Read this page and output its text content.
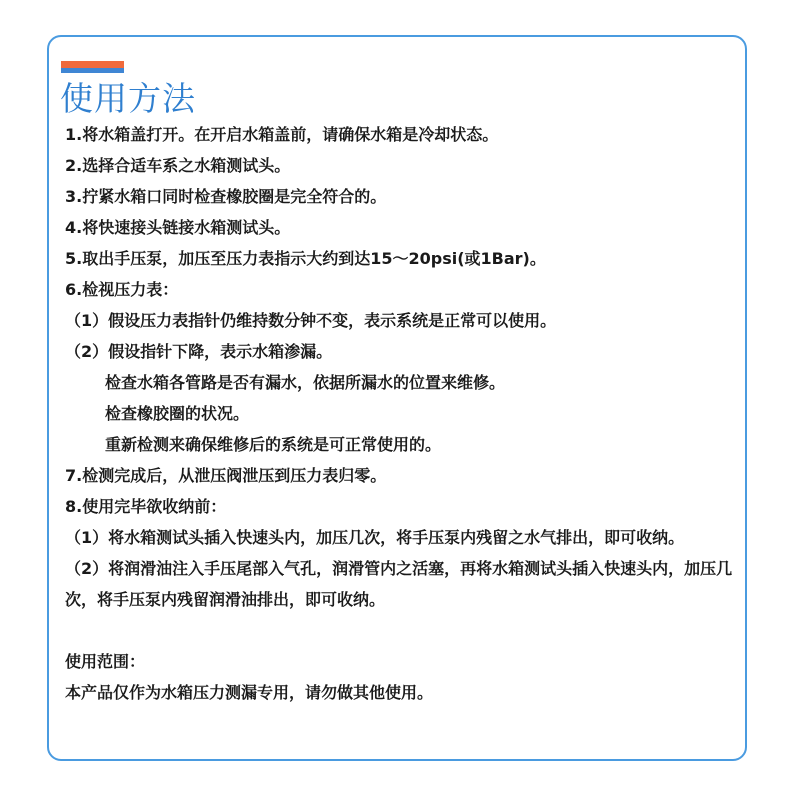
使用方法

1.将水箱盖打开。在开启水箱盖前，请确保水箱是冷却状态。

2.选择合适车系之水箱测试头。

3.拧紧水箱口同时检查橡胶圈是完全符合的。

4.将快速接头链接水箱测试头。

5.取出手压泵，加压至压力表指示大约到达15～20psi(或1Bar)。

6.检视压力表：

（1）假设压力表指针仍维持数分钟不变，表示系统是正常可以使用。

（2）假设指针下降，表示水箱渗漏。

检查水箱各管路是否有漏水，依据所漏水的位置来维修。

检查橡胶圈的状况。

重新检测来确保维修后的系统是可正常使用的。

7.检测完成后，从泄压阀泄压到压力表归零。

8.使用完毕欲收纳前：

（1）将水箱测试头插入快速头内，加压几次，将手压泵内残留之水气排出，即可收纳。

（2）将润滑油注入手压尾部入气孔，润滑管内之活塞，再将水箱测试头插入快速头内，加压几次，将手压泵内残留润滑油排出，即可收纳。

使用范围：

本产品仅作为水箱压力测漏专用，请勿做其他使用。
